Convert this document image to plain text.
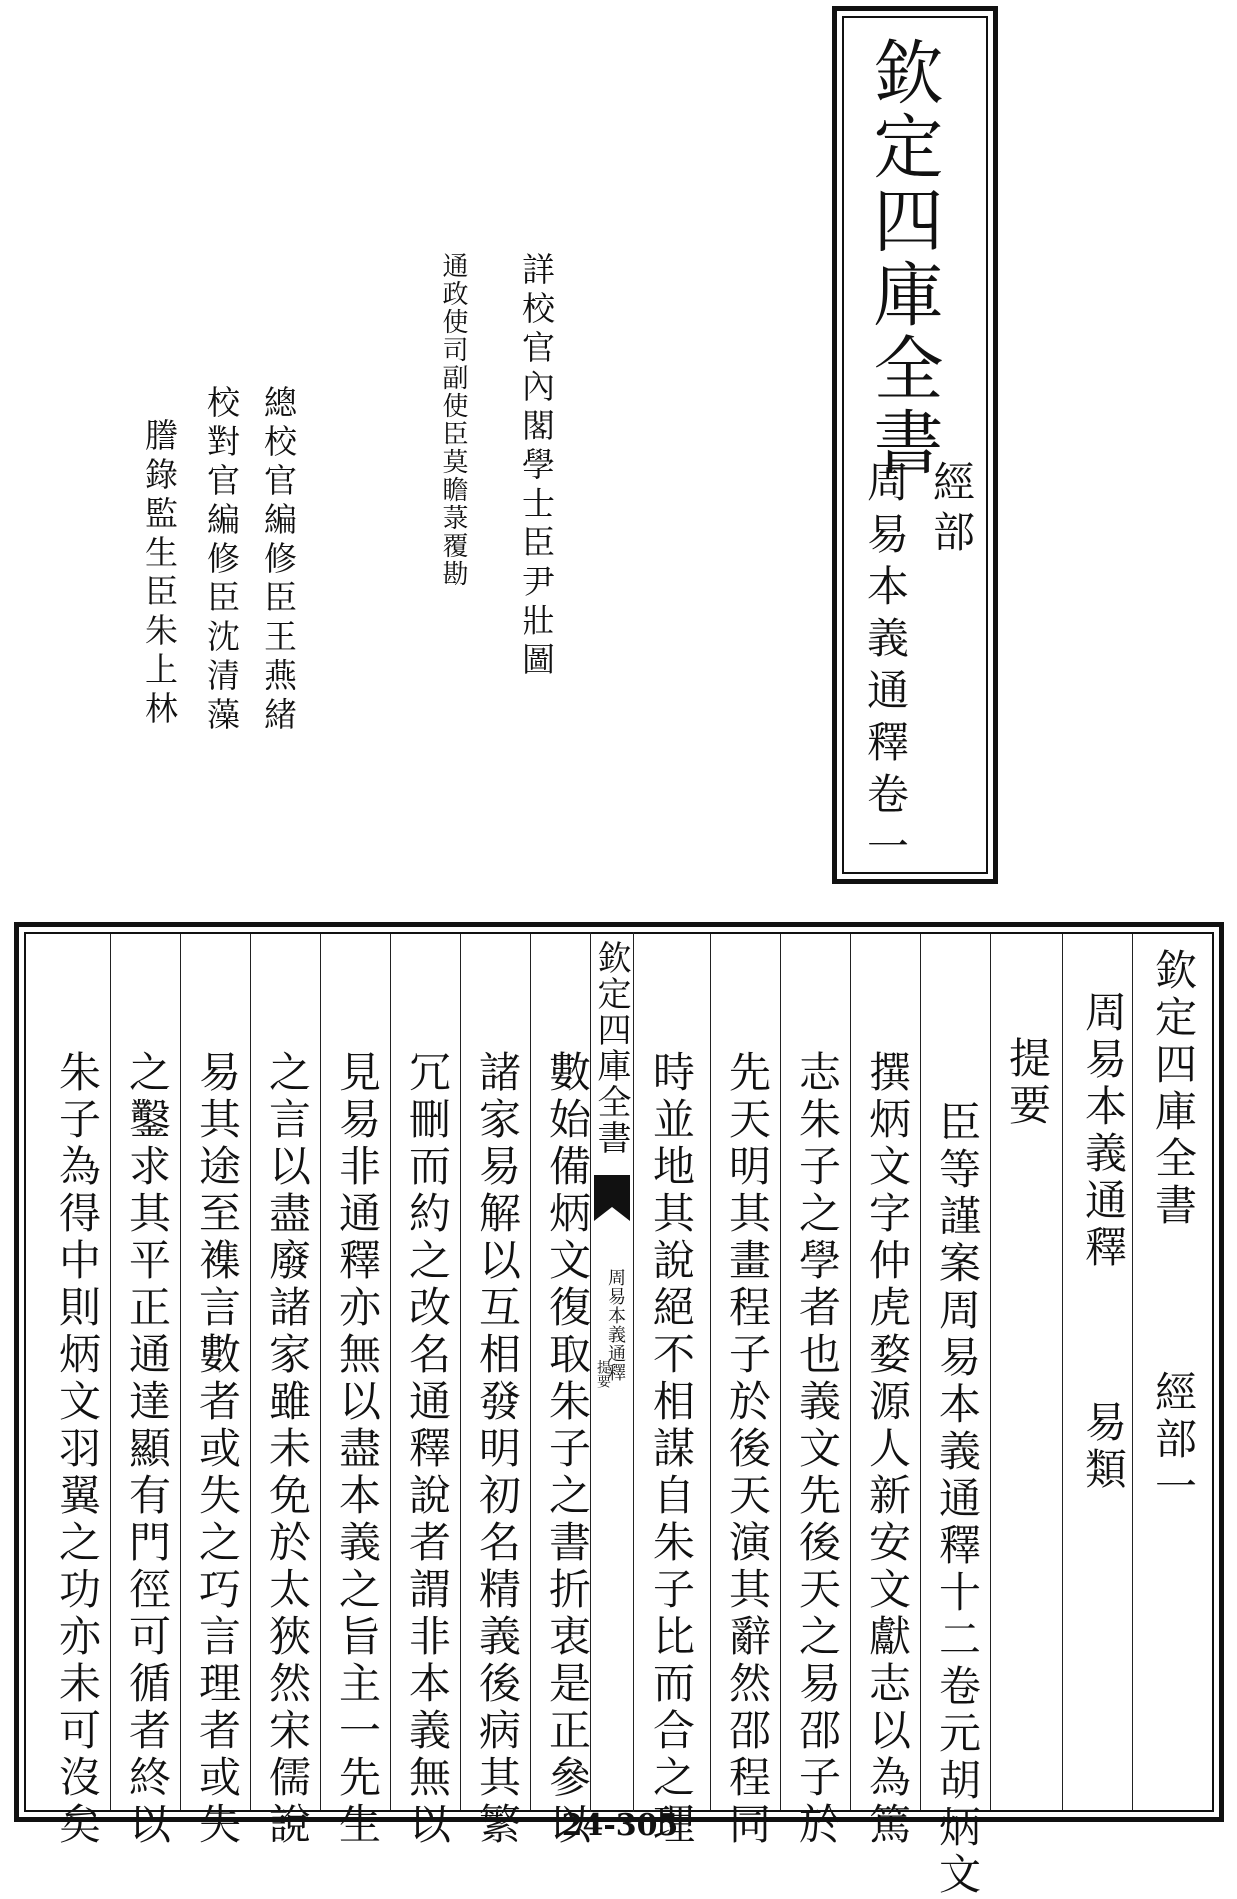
欽定四庫全書
經部
周易本義通釋卷一
詳校官內閣學士臣尹壯圖
通政使司副使臣莫瞻菉覆勘
總校官編修臣王燕緒
校對官編修臣沈清藻
謄錄監生臣朱上林
欽定四庫全書
經部一
周易本義通釋
易類
提要
臣等謹案周易本義通釋十二卷元胡炳文
撰炳文字仲虎婺源人新安文獻志以為篤
志朱子之學者也義文先後天之易邵子於
先天明其畫程子於後天演其辭然邵程同
時並地其說絕不相謀自朱子比而合之理
數始備炳文復取朱子之書折衷是正參以
諸家易解以互相發明初名精義後病其繁
冗刪而約之改名通釋說者謂非本義無以
見易非通釋亦無以盡本義之旨主一先生
之言以盡廢諸家雖未免於太狹然宋儒說
易其途至襍言數者或失之巧言理者或失
之鑿求其平正通達顯有門徑可循者終以
朱子為得中則炳文羽翼之功亦未可沒矣
欽定四庫全書
周易本義通釋
提要
24-305
